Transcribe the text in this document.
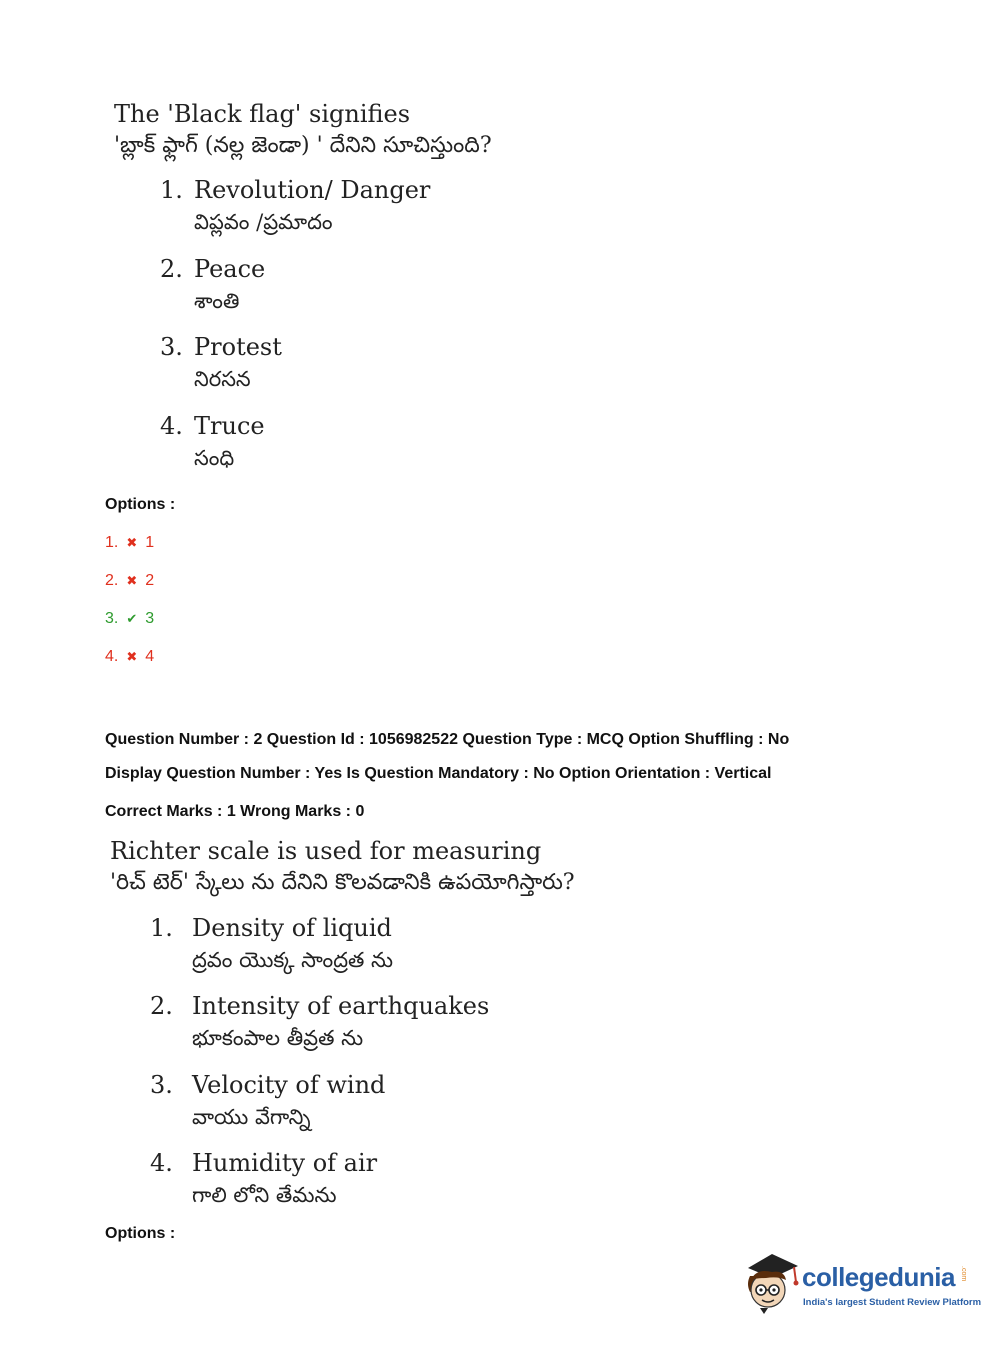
The 'Black flag' signifies
'బ్లాక్ ఫ్లాగ్ (నల్ల జెండా) ' దేనిని సూచిస్తుంది?
1. Revolution/ Danger
విప్లవం /ప్రమాదం
2. Peace
శాంతి
3. Protest
నిరసన
4. Truce
సంధి
Options :
1. ✖ 1
2. ✖ 2
3. ✔ 3
4. ✖ 4
Question Number : 2 Question Id : 1056982522 Question Type : MCQ Option Shuffling : No
Display Question Number : Yes Is Question Mandatory : No Option Orientation : Vertical
Correct Marks : 1 Wrong Marks : 0
Richter scale is used for measuring
'రిచ్ టెర్' స్కేలు ను దేనిని కొలవడానికి ఉపయోగిస్తారు?
1. Density of liquid
ద్రవం యొక్క సాంద్రత ను
2. Intensity of earthquakes
భూకంపాల తీవ్రత ను
3. Velocity of wind
వాయు వేగాన్ని
4. Humidity of air
గాలి లోని తేమను
Options :
collegedunia .com
India's largest Student Review Platform
